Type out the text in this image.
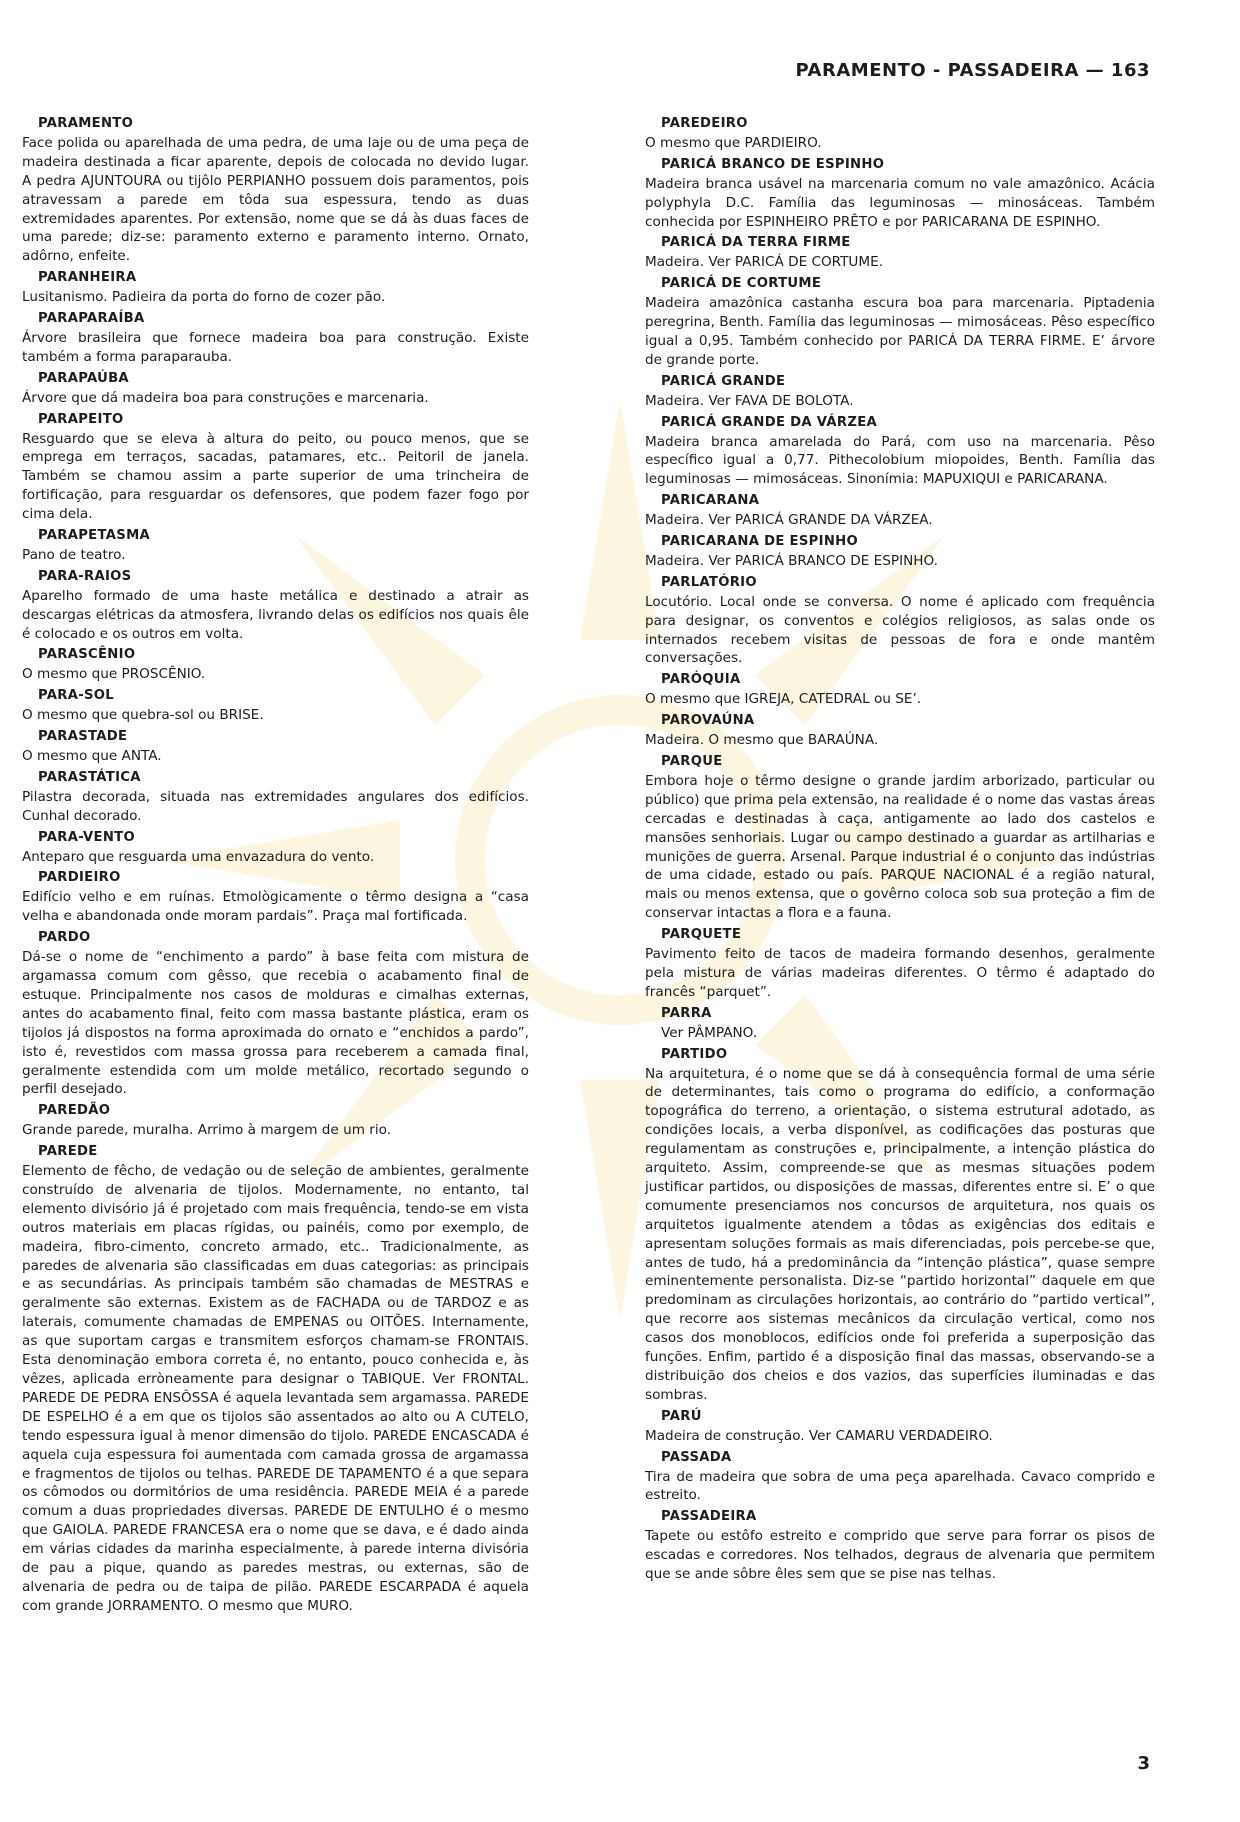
PARAMENTO - PASSADEIRA — 163
PARAMENTO
Face polida ou aparelhada de uma pedra, de uma laje ou de uma peça de madeira destinada a ficar aparente, depois de colocada no devido lugar. A pedra AJUNTOURA ou tijôlo PERPIANHO possuem dois paramentos, pois atravessam a parede em tôda sua espessura, tendo as duas extremidades aparentes. Por extensão, nome que se dá às duas faces de uma parede; diz-se: paramento externo e paramento interno. Ornato, adôrno, enfeite.
PARANHEIRA
Lusitanismo. Padieira da porta do forno de cozer pão.
PARAPARAÍBA
Árvore brasileira que fornece madeira boa para construção. Existe também a forma paraparauba.
PARAPAÚBA
Árvore que dá madeira boa para construções e marcenaria.
PARAPEITO
Resguardo que se eleva à altura do peito, ou pouco menos, que se emprega em terraços, sacadas, patamares, etc.. Peitoril de janela. Também se chamou assim a parte superior de uma trincheira de fortificação, para resguardar os defensores, que podem fazer fogo por cima dela.
PARAPETASMA
Pano de teatro.
PARA-RAIOS
Aparelho formado de uma haste metálica e destinado a atrair as descargas elétricas da atmosfera, livrando delas os edifícios nos quais êle é colocado e os outros em volta.
PARASCÊNIO
O mesmo que PROSCÊNIO.
PARA-SOL
O mesmo que quebra-sol ou BRISE.
PARASTADE
O mesmo que ANTA.
PARASTÁTICA
Pilastra decorada, situada nas extremidades angulares dos edifícios. Cunhal decorado.
PARA-VENTO
Anteparo que resguarda uma envazadura do vento.
PARDIEIRO
Edifício velho e em ruínas. Etmològicamente o têrmo designa a “casa velha e abandonada onde moram pardais”. Praça mal fortificada.
PARDO
Dá-se o nome de “enchimento a pardo” à base feita com mistura de argamassa comum com gêsso, que recebia o acabamento final de estuque. Principalmente nos casos de molduras e cimalhas externas, antes do acabamento final, feito com massa bastante plástica, eram os tijolos já dispostos na forma aproximada do ornato e “enchidos a pardo”, isto é, revestidos com massa grossa para receberem a camada final, geralmente estendida com um molde metálico, recortado segundo o perfil desejado.
PAREDÃO
Grande parede, muralha. Arrimo à margem de um rio.
PAREDE
Elemento de fêcho, de vedação ou de seleção de ambientes, geralmente construído de alvenaria de tijolos. Modernamente, no entanto, tal elemento divisório já é projetado com mais frequência, tendo-se em vista outros materiais em placas rígidas, ou painéis, como por exemplo, de madeira, fibro-cimento, concreto armado, etc.. Tradicionalmente, as paredes de alvenaria são classificadas em duas categorias: as principais e as secundárias. As principais também são chamadas de MESTRAS e geralmente são externas. Existem as de FACHADA ou de TARDOZ e as laterais, comumente chamadas de EMPENAS ou OITÕES. Internamente, as que suportam cargas e transmitem esforços chamam-se FRONTAIS. Esta denominação embora correta é, no entanto, pouco conhecida e, às vêzes, aplicada erròneamente para designar o TABIQUE. Ver FRONTAL. PAREDE DE PEDRA ENSÔSSA é aquela levantada sem argamassa. PAREDE DE ESPELHO é a em que os tijolos são assentados ao alto ou A CUTELO, tendo espessura igual à menor dimensão do tijolo. PAREDE ENCASCADA é aquela cuja espessura foi aumentada com camada grossa de argamassa e fragmentos de tijolos ou telhas. PAREDE DE TAPAMENTO é a que separa os cômodos ou dormitórios de uma residência. PAREDE MEIA é a parede comum a duas propriedades diversas. PAREDE DE ENTULHO é o mesmo que GAIOLA. PAREDE FRANCESA era o nome que se dava, e é dado ainda em várias cidades da marinha especialmente, à parede interna divisória de pau a pique, quando as paredes mestras, ou externas, são de alvenaria de pedra ou de taipa de pilão. PAREDE ESCARPADA é aquela com grande JORRAMENTO. O mesmo que MURO.
PAREDEIRO
O mesmo que PARDIEIRO.
PARICÁ BRANCO DE ESPINHO
Madeira branca usável na marcenaria comum no vale amazônico. Acácia polyphyla D.C. Família das leguminosas — minosáceas. Também conhecida por ESPINHEIRO PRÊTO e por PARICARANA DE ESPINHO.
PARICÁ DA TERRA FIRME
Madeira. Ver PARICÁ DE CORTUME.
PARICÁ DE CORTUME
Madeira amazônica castanha escura boa para marcenaria. Piptadenia peregrina, Benth. Família das leguminosas — mimosáceas. Pêso específico igual a 0,95. Também conhecido por PARICÁ DA TERRA FIRME. E’ árvore de grande porte.
PARICÁ GRANDE
Madeira. Ver FAVA DE BOLOTA.
PARICÁ GRANDE DA VÁRZEA
Madeira branca amarelada do Pará, com uso na marcenaria. Pêso específico igual a 0,77. Pithecolobium miopoides, Benth. Família das leguminosas — mimosáceas. Sinonímia: MAPUXIQUI e PARICARANA.
PARICARANA
Madeira. Ver PARICÁ GRANDE DA VÁRZEA.
PARICARANA DE ESPINHO
Madeira. Ver PARICÁ BRANCO DE ESPINHO.
PARLATÓRIO
Locutório. Local onde se conversa. O nome é aplicado com frequência para designar, os conventos e colégios religiosos, as salas onde os internados recebem visitas de pessoas de fora e onde mantêm conversações.
PARÓQUIA
O mesmo que IGREJA, CATEDRAL ou SE’.
PAROVAÚNA
Madeira. O mesmo que BARAÚNA.
PARQUE
Embora hoje o têrmo designe o grande jardim arborizado, particular ou público) que prima pela extensão, na realidade é o nome das vastas áreas cercadas e destinadas à caça, antigamente ao lado dos castelos e mansões senhoriais. Lugar ou campo destinado a guardar as artilharias e munições de guerra. Arsenal. Parque industrial é o conjunto das indústrias de uma cidade, estado ou país. PARQUE NACIONAL é a região natural, mais ou menos extensa, que o govêrno coloca sob sua proteção a fim de conservar intactas a flora e a fauna.
PARQUETE
Pavimento feito de tacos de madeira formando desenhos, geralmente pela mistura de várias madeiras diferentes. O têrmo é adaptado do francês “parquet”.
PARRA
Ver PÂMPANO.
PARTIDO
Na arquitetura, é o nome que se dá à consequência formal de uma série de determinantes, tais como o programa do edifício, a conformação topográfica do terreno, a orientação, o sistema estrutural adotado, as condições locais, a verba disponível, as codificações das posturas que regulamentam as construções e, principalmente, a intenção plástica do arquiteto. Assim, compreende-se que as mesmas situações podem justificar partidos, ou disposições de massas, diferentes entre si. E’ o que comumente presenciamos nos concursos de arquitetura, nos quais os arquitetos igualmente atendem a tôdas as exigências dos editais e apresentam soluções formais as mais diferenciadas, pois percebe-se que, antes de tudo, há a predominância da “intenção plástica”, quase sempre eminentemente personalista. Diz-se “partido horizontal” daquele em que predominam as circulações horizontais, ao contrário do “partido vertical”, que recorre aos sistemas mecânicos da circulação vertical, como nos casos dos monoblocos, edifícios onde foi preferida a superposição das funções. Enfim, partido é a disposição final das massas, observando-se a distribuição dos cheios e dos vazios, das superfícies iluminadas e das sombras.
PARÚ
Madeira de construção. Ver CAMARU VERDADEIRO.
PASSADA
Tira de madeira que sobra de uma peça aparelhada. Cavaco comprido e estreito.
PASSADEIRA
Tapete ou estôfo estreito e comprido que serve para forrar os pisos de escadas e corredores. Nos telhados, degraus de alvenaria que permitem que se ande sôbre êles sem que se pise nas telhas.
3
